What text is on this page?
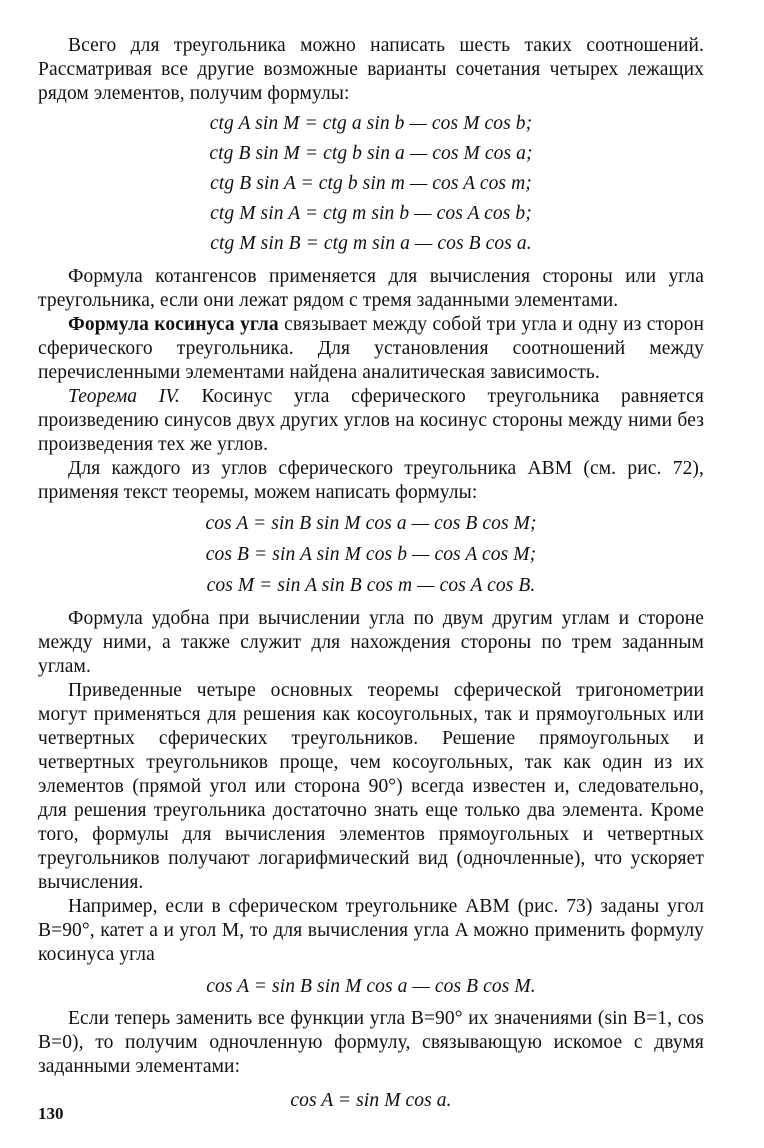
Всего для треугольника можно написать шесть таких соотношений. Рассматривая все другие возможные варианты сочетания четырех лежащих рядом элементов, получим формулы:

ctg A sin M = ctg a sin b — cos M cos b;

ctg B sin M = ctg b sin a — cos M cos a;

ctg B sin A = ctg b sin m — cos A cos m;

ctg M sin A = ctg m sin b — cos A cos b;

ctg M sin B = ctg m sin a — cos B cos a.

Формула котангенсов применяется для вычисления стороны или угла треугольника, если они лежат рядом с тремя заданными элементами.

Формула косинуса угла связывает между собой три угла и одну из сторон сферического треугольника. Для установления соотношений между перечисленными элементами найдена аналитическая зависимость.

Теорема IV. Косинус угла сферического треугольника равняется произведению синусов двух других углов на косинус стороны между ними без произведения тех же углов.

Для каждого из углов сферического треугольника ABM (см. рис. 72), применяя текст теоремы, можем написать формулы:

cos A = sin B sin M cos a — cos B cos M;

cos B = sin A sin M cos b — cos A cos M;

cos M = sin A sin B cos m — cos A cos B.

Формула удобна при вычислении угла по двум другим углам и стороне между ними, а также служит для нахождения стороны по трем заданным углам.

Приведенные четыре основных теоремы сферической тригонометрии могут применяться для решения как косоугольных, так и прямоугольных или четвертных сферических треугольников. Решение прямоугольных и четвертных треугольников проще, чем косоугольных, так как один из их элементов (прямой угол или сторона 90°) всегда известен и, следовательно, для решения треугольника достаточно знать еще только два элемента. Кроме того, формулы для вычисления элементов прямоугольных и четвертных треугольников получают логарифмический вид (одночленные), что ускоряет вычисления.

Например, если в сферическом треугольнике ABM (рис. 73) заданы угол B=90°, катет a и угол M, то для вычисления угла A можно применить формулу косинуса угла

cos A = sin B sin M cos a — cos B cos M.

Если теперь заменить все функции угла B=90° их значениями (sin B=1, cos B=0), то получим одночленную формулу, связывающую искомое с двумя заданными элементами:

cos A = sin M cos a.

130
